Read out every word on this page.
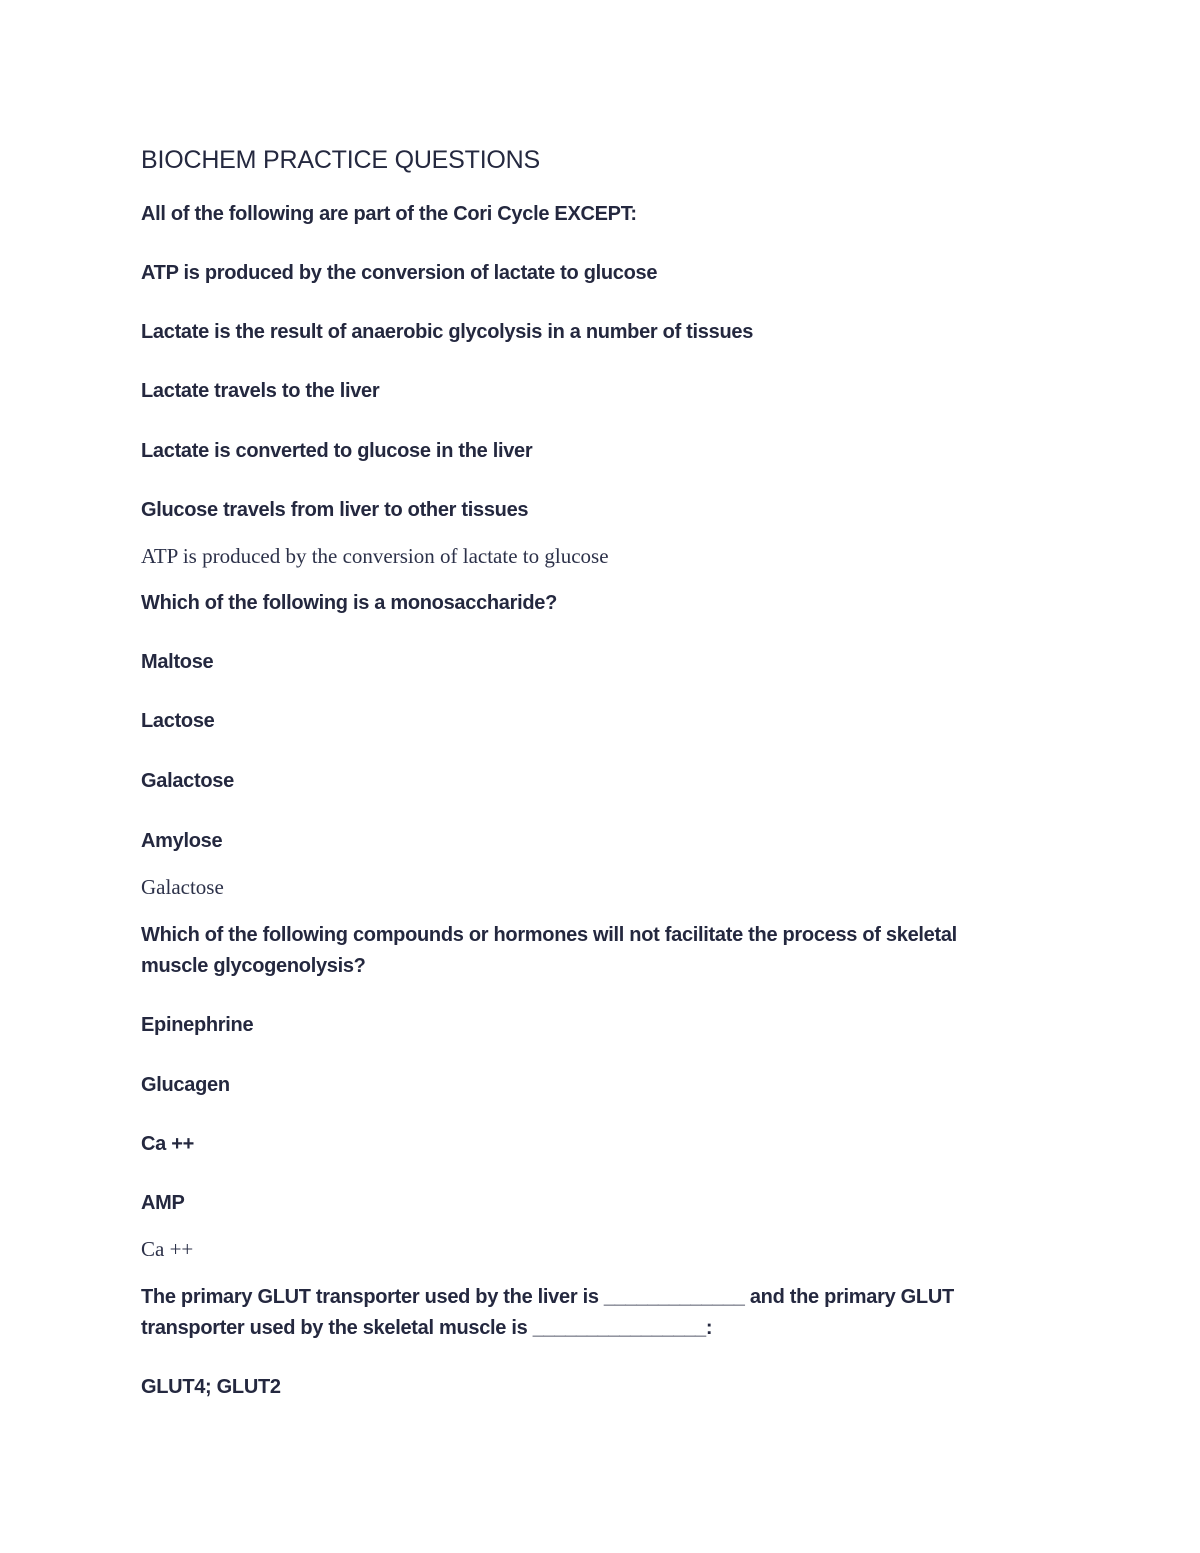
BIOCHEM PRACTICE QUESTIONS
All of the following are part of the Cori Cycle EXCEPT:
ATP is produced by the conversion of lactate to glucose
Lactate is the result of anaerobic glycolysis in a number of tissues
Lactate travels to the liver
Lactate is converted to glucose in the liver
Glucose travels from liver to other tissues
ATP is produced by the conversion of lactate to glucose
Which of the following is a monosaccharide?
Maltose
Lactose
Galactose
Amylose
Galactose
Which of the following compounds or hormones will not facilitate the process of skeletal
muscle glycogenolysis?
Epinephrine
Glucagen
Ca ++
AMP
Ca ++
The primary GLUT transporter used by the liver is _____________ and the primary GLUT
transporter used by the skeletal muscle is ________________:
GLUT4; GLUT2
